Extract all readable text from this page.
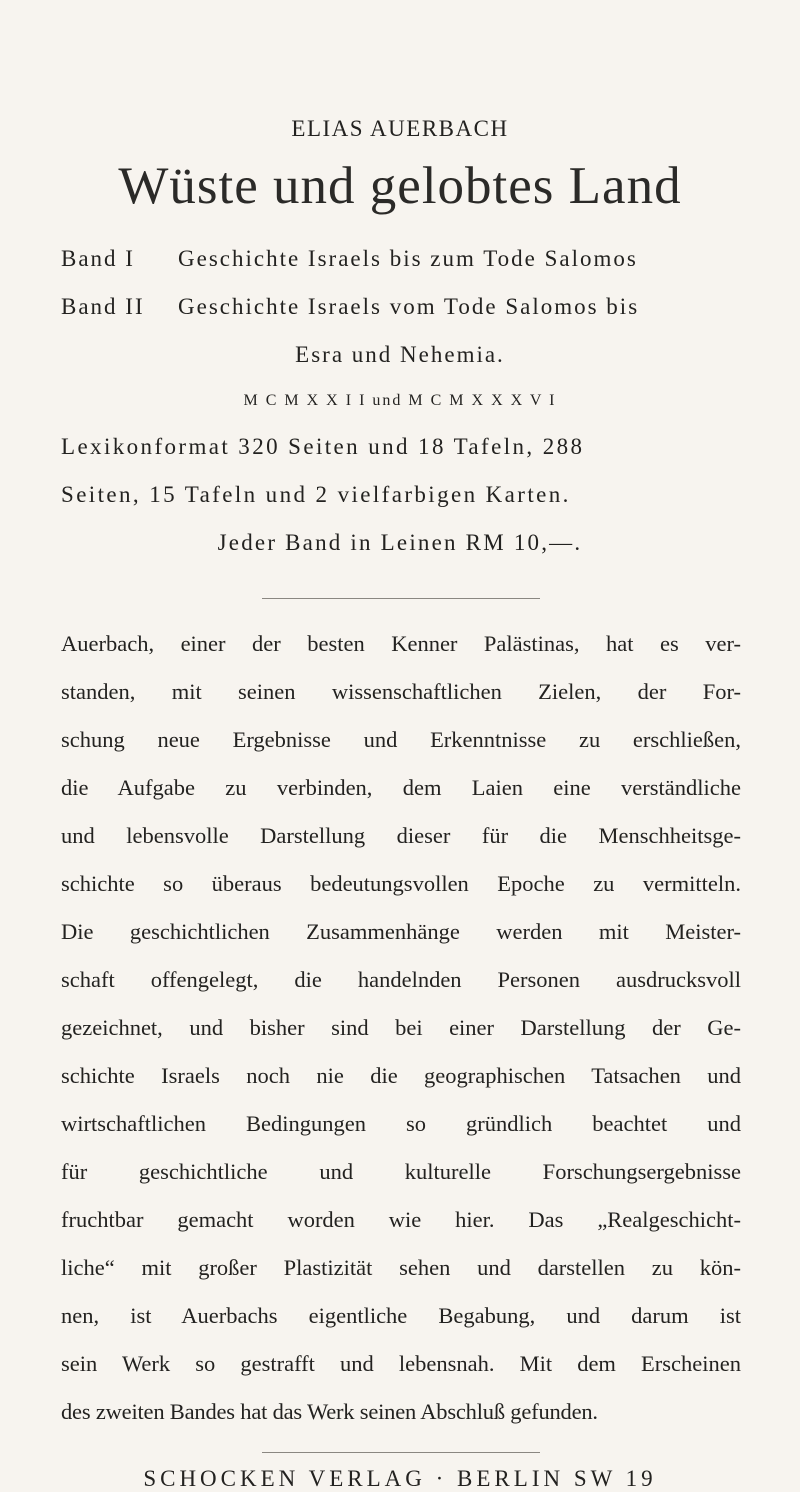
ELIAS AUERBACH
Wüste und gelobtes Land
Band I Geschichte Israels bis zum Tode Salomos
Band II Geschichte Israels vom Tode Salomos bis
Esra und Nehemia.
M C M X X I I und M C M X X X V I
Lexikonformat 320 Seiten und 18 Tafeln, 288
Seiten, 15 Tafeln und 2 vielfarbigen Karten.
Jeder Band in Leinen RM 10,—.
Auerbach, einer der besten Kenner Palästinas, hat es ver-
standen, mit seinen wissenschaftlichen Zielen, der For-
schung neue Ergebnisse und Erkenntnisse zu erschließen,
die Aufgabe zu verbinden, dem Laien eine verständliche
und lebensvolle Darstellung dieser für die Menschheitsge-
schichte so überaus bedeutungsvollen Epoche zu vermitteln.
Die geschichtlichen Zusammenhänge werden mit Meister-
schaft offengelegt, die handelnden Personen ausdrucksvoll
gezeichnet, und bisher sind bei einer Darstellung der Ge-
schichte Israels noch nie die geographischen Tatsachen und
wirtschaftlichen Bedingungen so gründlich beachtet und
für geschichtliche und kulturelle Forschungsergebnisse
fruchtbar gemacht worden wie hier. Das „Realgeschicht-
liche“ mit großer Plastizität sehen und darstellen zu kön-
nen, ist Auerbachs eigentliche Begabung, und darum ist
sein Werk so gestrafft und lebensnah. Mit dem Erscheinen
des zweiten Bandes hat das Werk seinen Abschluß gefunden.
SCHOCKEN VERLAG · BERLIN SW 19
